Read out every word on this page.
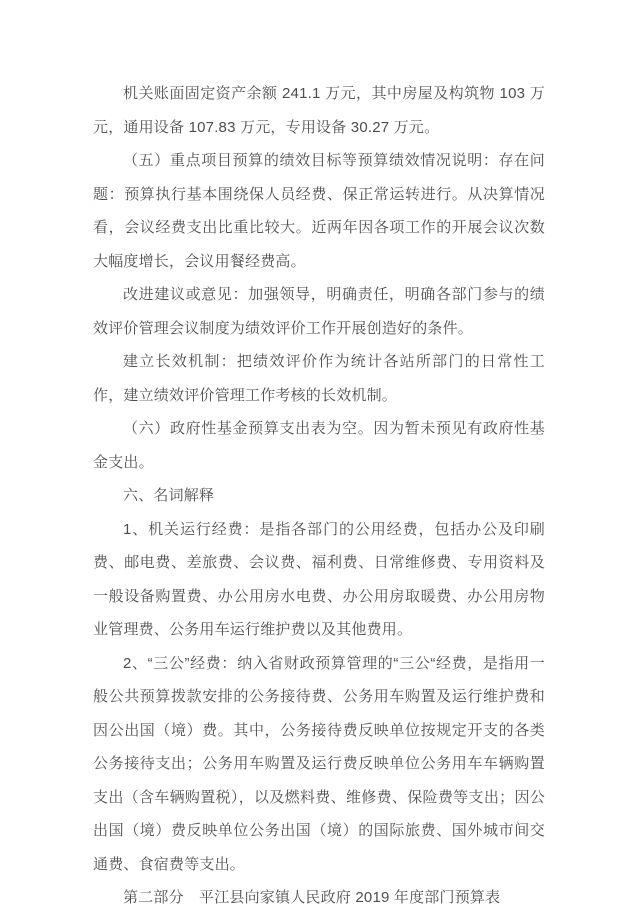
机关账面固定资产余额 241.1 万元，其中房屋及构筑物 103 万元，通用设备 107.83 万元，专用设备 30.27 万元。

（五）重点项目预算的绩效目标等预算绩效情况说明：存在问题：预算执行基本围绕保人员经费、保正常运转进行。从决算情况看，会议经费支出比重比较大。近两年因各项工作的开展会议次数大幅度增长，会议用餐经费高。

改进建议或意见：加强领导，明确责任，明确各部门参与的绩效评价管理会议制度为绩效评价工作开展创造好的条件。

建立长效机制：把绩效评价作为统计各站所部门的日常性工作，建立绩效评价管理工作考核的长效机制。

（六）政府性基金预算支出表为空。因为暂未预见有政府性基金支出。

六、名词解释

1、机关运行经费：是指各部门的公用经费，包括办公及印刷费、邮电费、差旅费、会议费、福利费、日常维修费、专用资料及一般设备购置费、办公用房水电费、办公用房取暖费、办公用房物业管理费、公务用车运行维护费以及其他费用。

2、“三公”经费：纳入省财政预算管理的“三公“经费，是指用一般公共预算拨款安排的公务接待费、公务用车购置及运行维护费和因公出国（境）费。其中，公务接待费反映单位按规定开支的各类公务接待支出；公务用车购置及运行费反映单位公务用车车辆购置支出（含车辆购置税），以及燃料费、维修费、保险费等支出；因公出国（境）费反映单位公务出国（境）的国际旅费、国外城市间交通费、食宿费等支出。

第二部分　平江县向家镇人民政府 2019 年度部门预算表
